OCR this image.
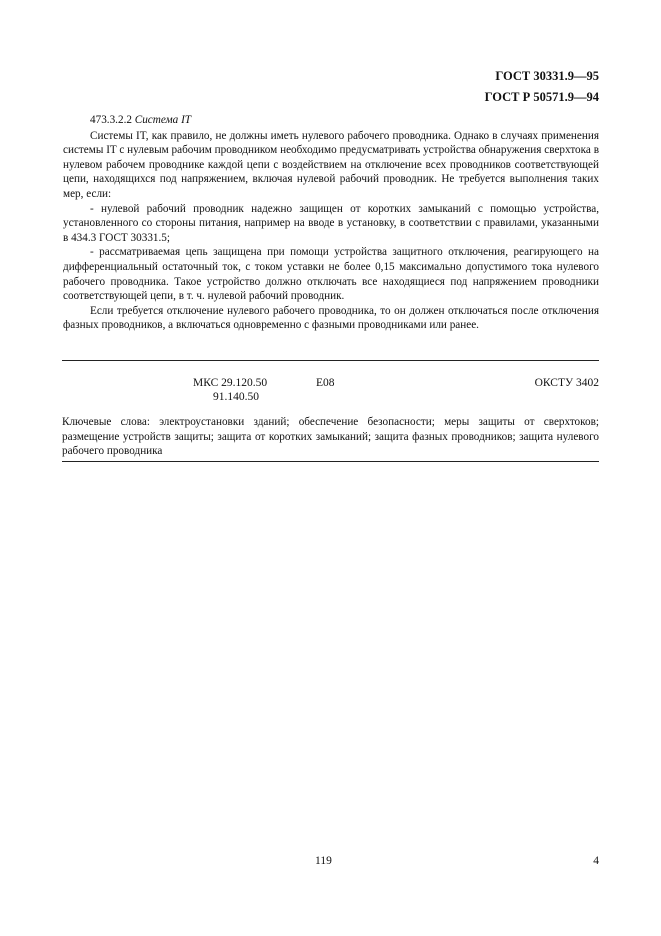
ГОСТ 30331.9—95
ГОСТ Р 50571.9—94

473.3.2.2 Система IT

Системы IT, как правило, не должны иметь нулевого рабочего проводника. Однако в случаях применения системы IT с нулевым рабочим проводником необходимо предусматривать устройства обнаружения сверхтока в нулевом рабочем проводнике каждой цепи с воздействием на отключение всех проводников соответствующей цепи, находящихся под напряжением, включая нулевой рабочий проводник. Не требуется выполнения таких мер, если:

- нулевой рабочий проводник надежно защищен от коротких замыканий с помощью устройства, установленного со стороны питания, например на вводе в установку, в соответствии с правилами, указанными в 434.3 ГОСТ 30331.5;

- рассматриваемая цепь защищена при помощи устройства защитного отключения, реагирующего на дифференциальный остаточный ток, с током уставки не более 0,15 максимально допустимого тока нулевого рабочего проводника. Такое устройство должно отключать все находящиеся под напряжением проводники соответствующей цепи, в т. ч. нулевой рабочий проводник.

Если требуется отключение нулевого рабочего проводника, то он должен отключаться после отключения фазных проводников, а включаться одновременно с фазными проводниками или ранее.

МКС 29.120.50
91.140.50
Е08	ОКСТУ 3402
Ключевые слова: электроустановки зданий; обеспечение безопасности; меры защиты от сверхтоков; размещение устройств защиты; защита от коротких замыканий; защита фазных проводников; защита нулевого рабочего проводника
119	4
